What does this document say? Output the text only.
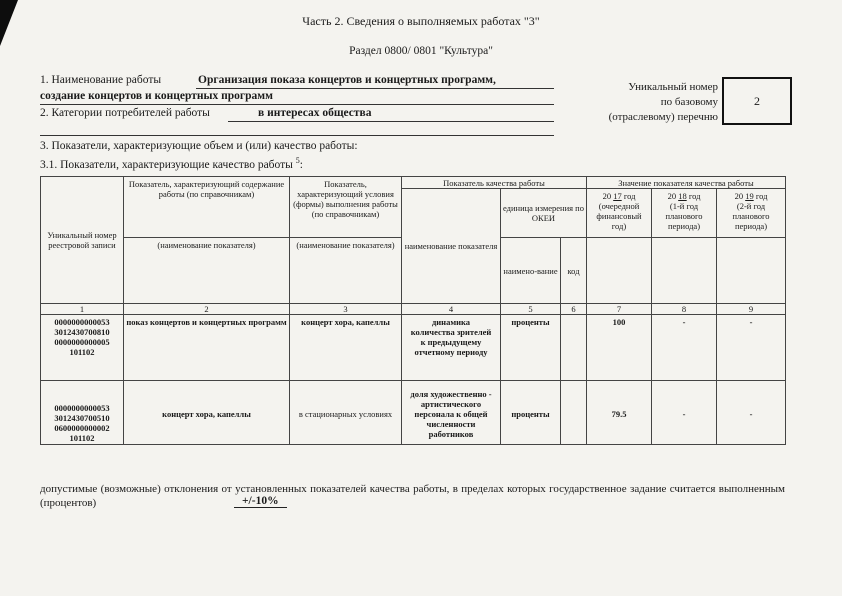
Часть 2. Сведения о выполняемых работах "3"
Раздел 0800/ 0801 "Культура"
1. Наименование работы	Организация показа концертов и концертных программ,
создание концертов и концертных программ
2. Категории потребителей работы	в интересах общества
Уникальный номер
по базовому
(отраслевому) перечню
2
3. Показатели, характеризующие объем и (или) качество работы:
3.1. Показатели, характеризующие качество работы $^5$:
Уникальный номер реестровой записи	Показатель, характеризующий содержание работы (по справочникам)	Показатель, характеризующий условия (формы) выполнения работы (по справочникам)	Показатель качества работы			Значение показателя качества работы		
			наименование показателя	единица измерения по ОКЕИ		20 17 год
(очередной финансовый год)	20 18 год
(1-й год планового периода)	20 19 год
(2-й год планового периода)
	(наименование показателя)	(наименование показателя)		наимено-вание	код			
1	2	3	4	5	6	7	8	9

0000000000053
3012430700810
0000000000005
101102	показ концертов и концертных программ	концерт хора, капеллы	динамика количества зрителей к предыдущему отчетному периоду	проценты		100	-	-

0000000000053
3012430700510
0600000000002
101102	концерт хора, капеллы	в стационарных условиях	доля художественно - артистического персонала к общей численности работников	проценты		79.5	-	-
допустимые (возможные) отклонения от установленных показателей качества работы, в пределах которых государственное задание считается выполненным (процентов)	+/-10%
